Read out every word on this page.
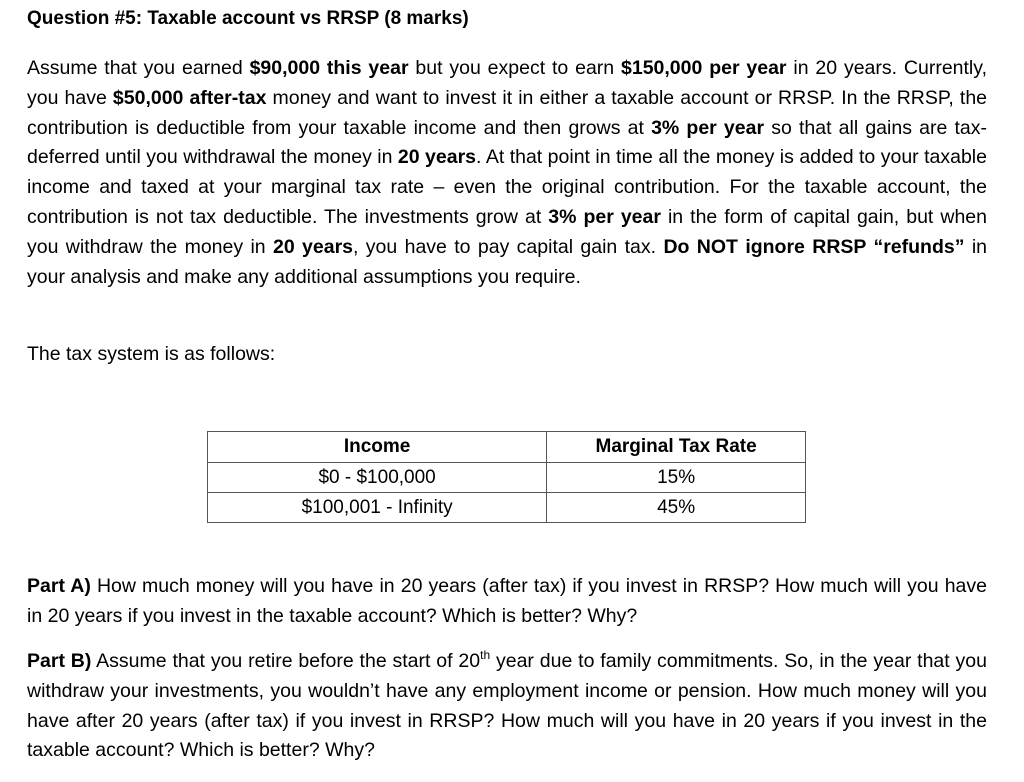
Question #5: Taxable account vs RRSP (8 marks)

Assume that you earned $90,000 this year but you expect to earn $150,000 per year in 20 years. Currently, you have $50,000 after-tax money and want to invest it in either a taxable account or RRSP. In the RRSP, the contribution is deductible from your taxable income and then grows at 3% per year so that all gains are tax-deferred until you withdrawal the money in 20 years. At that point in time all the money is added to your taxable income and taxed at your marginal tax rate – even the original contribution. For the taxable account, the contribution is not tax deductible. The investments grow at 3% per year in the form of capital gain, but when you withdraw the money in 20 years, you have to pay capital gain tax. Do NOT ignore RRSP “refunds” in your analysis and make any additional assumptions you require.

The tax system is as follows:

Income	Marginal Tax Rate
$0 - $100,000	15%
$100,001 - Infinity	45%

Part A) How much money will you have in 20 years (after tax) if you invest in RRSP? How much will you have in 20 years if you invest in the taxable account? Which is better? Why?

Part B) Assume that you retire before the start of 20th year due to family commitments. So, in the year that you withdraw your investments, you wouldn’t have any employment income or pension. How much money will you have after 20 years (after tax) if you invest in RRSP? How much will you have in 20 years if you invest in the taxable account? Which is better? Why?
